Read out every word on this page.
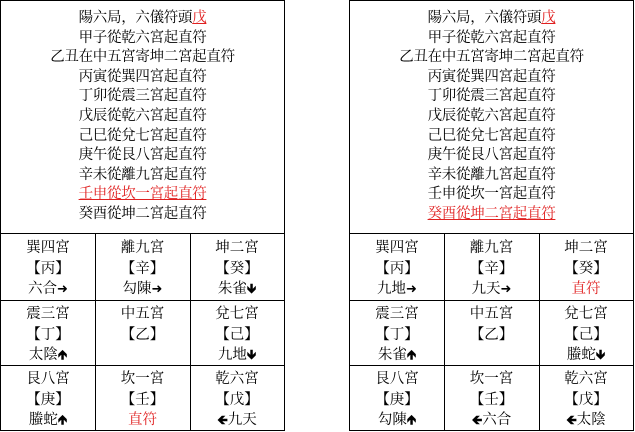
陽六局，六儀符頭戊
甲子從乾六宮起直符
乙丑在中五宮寄坤二宮起直符
丙寅從巽四宮起直符
丁卯從震三宮起直符
戊辰從乾六宮起直符
己巳從兌七宮起直符
庚午從艮八宮起直符
辛未從離九宮起直符
壬申從坎一宮起直符
癸酉從坤二宮起直符
巽四宮
【丙】
六合➜
離九宮
【辛】
勾陳➜
坤二宮
【癸】
朱雀🡻
震三宮
【丁】
太陰🡹
中五宮
【乙】
兌七宮
【己】
九地🡻
艮八宮
【庚】
螣蛇🡹
坎一宮
【壬】
直符
乾六宮
【戊】
🡸九天
陽六局，六儀符頭戊
甲子從乾六宮起直符
乙丑在中五宮寄坤二宮起直符
丙寅從巽四宮起直符
丁卯從震三宮起直符
戊辰從乾六宮起直符
己巳從兌七宮起直符
庚午從艮八宮起直符
辛未從離九宮起直符
壬申從坎一宮起直符
癸酉從坤二宮起直符
巽四宮
【丙】
九地➜
離九宮
【辛】
九天➜
坤二宮
【癸】
直符
震三宮
【丁】
朱雀🡹
中五宮
【乙】
兌七宮
【己】
螣蛇🡻
艮八宮
【庚】
勾陳🡹
坎一宮
【壬】
🡸六合
乾六宮
【戊】
🡸太陰
